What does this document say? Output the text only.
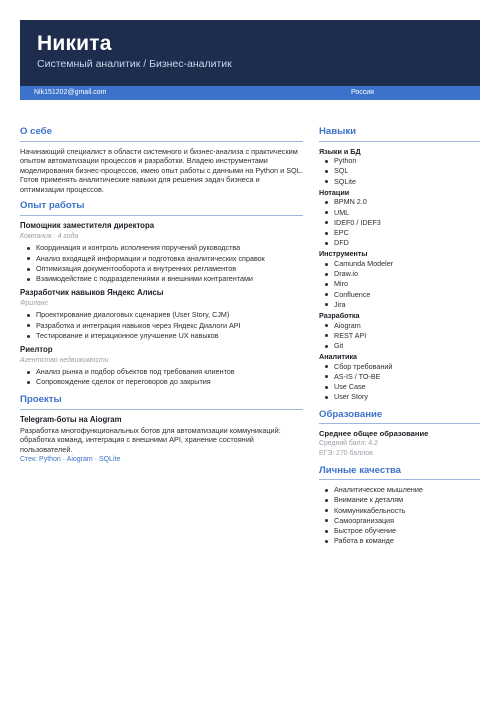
Никита
Системный аналитик / Бизнес-аналитик
Nik151202@gmail.com	Россия
О себе
Начинающий специалист в области системного и бизнес-анализа с практическим опытом автоматизации процессов и разработки. Владею инструментами моделирования бизнес-процессов, имею опыт работы с данными на Python и SQL. Готов применять аналитические навыки для решения задач бизнеса и оптимизации процессов.
Опыт работы
Помощник заместителя директора
Компания · 4 года
Координация и контроль исполнения поручений руководства
Анализ входящей информации и подготовка аналитических справок
Оптимизация документооборота и внутренних регламентов
Взаимодействие с подразделениями и внешними контрагентами
Разработчик навыков Яндекс Алисы
Фриланс
Проектирование диалоговых сценариев (User Story, CJM)
Разработка и интеграция навыков через Яндекс Диалоги API
Тестирование и итерационное улучшение UX навыков
Риелтор
Агентство недвижимости
Анализ рынка и подбор объектов под требования клиентов
Сопровождение сделок от переговоров до закрытия
Проекты
Telegram-боты на Aiogram
Разработка многофункциональных ботов для автоматизации коммуникаций: обработка команд, интеграция с внешними API, хранение состояний пользователей.
Стек: Python · Aiogram · SQLite
Навыки
Языки и БД
Python
SQL
SQLite
Нотации
BPMN 2.0
UML
IDEF0 / IDEF3
EPC
DFD
Инструменты
Camunda Modeler
Draw.io
Miro
Confluence
Jira
Разработка
Aiogram
REST API
Git
Аналитика
Сбор требований
AS-IS / TO-BE
Use Case
User Story
Образование
Среднее общее образование
Средний балл: 4.2
ЕГЭ: 270 баллов
Личные качества
Аналитическое мышление
Внимание к деталям
Коммуникабельность
Самоорганизация
Быстрое обучение
Работа в команде
